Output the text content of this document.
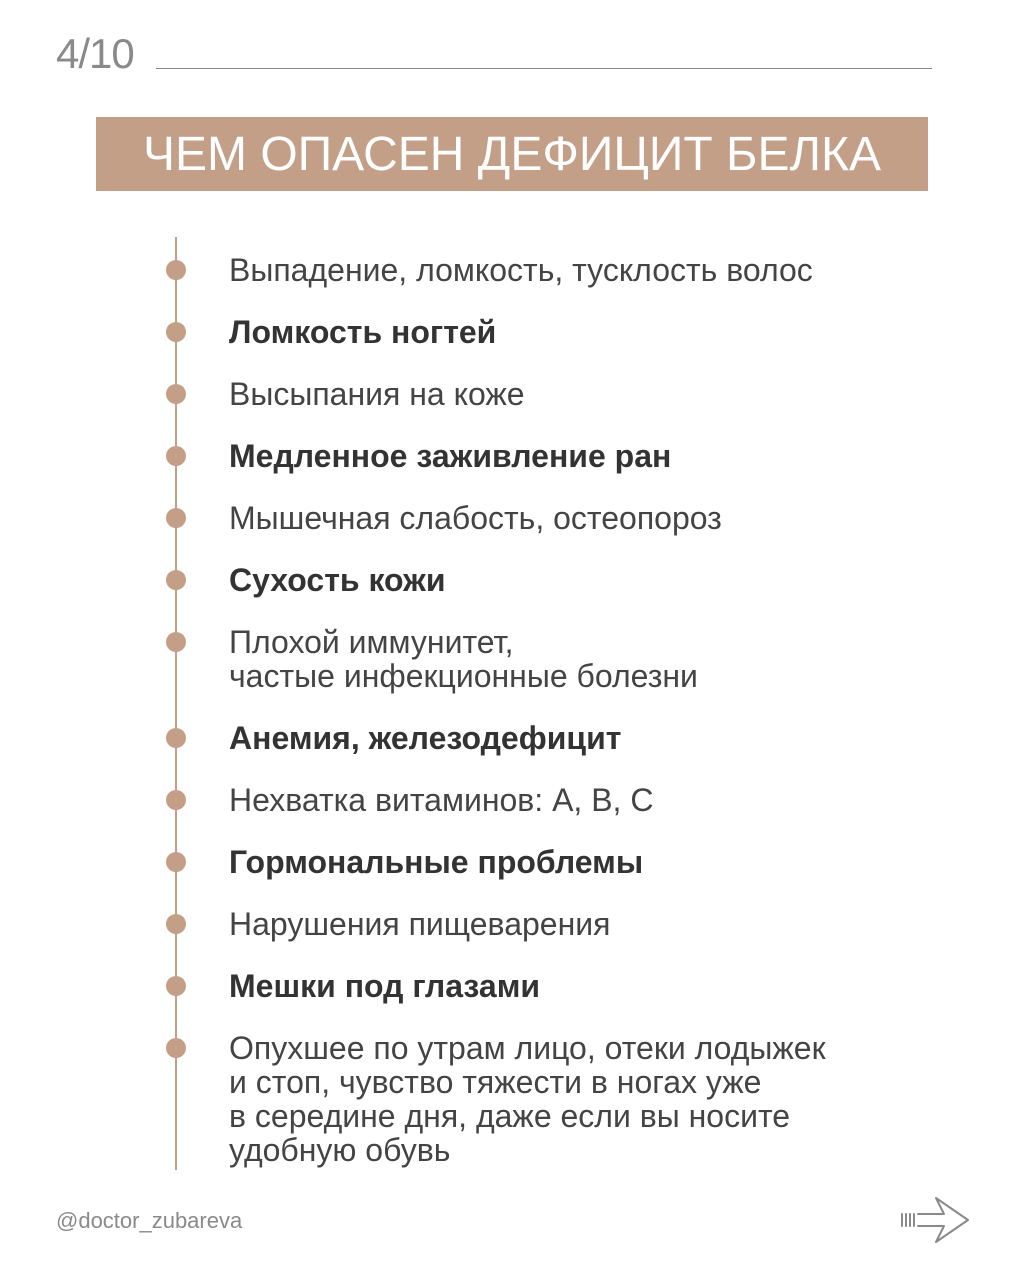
4/10
ЧЕМ ОПАСЕН ДЕФИЦИТ БЕЛКА
Выпадение, ломкость, тусклость волос
Ломкость ногтей
Высыпания на коже
Медленное заживление ран
Мышечная слабость, остеопороз
Сухость кожи
Плохой иммунитет,
частые инфекционные болезни
Анемия, железодефицит
Нехватка витаминов: А, В, С
Гормональные проблемы
Нарушения пищеварения
Мешки под глазами
Опухшее по утрам лицо, отеки лодыжек
и стоп, чувство тяжести в ногах уже
в середине дня, даже если вы носите
удобную обувь
@doctor_zubareva
